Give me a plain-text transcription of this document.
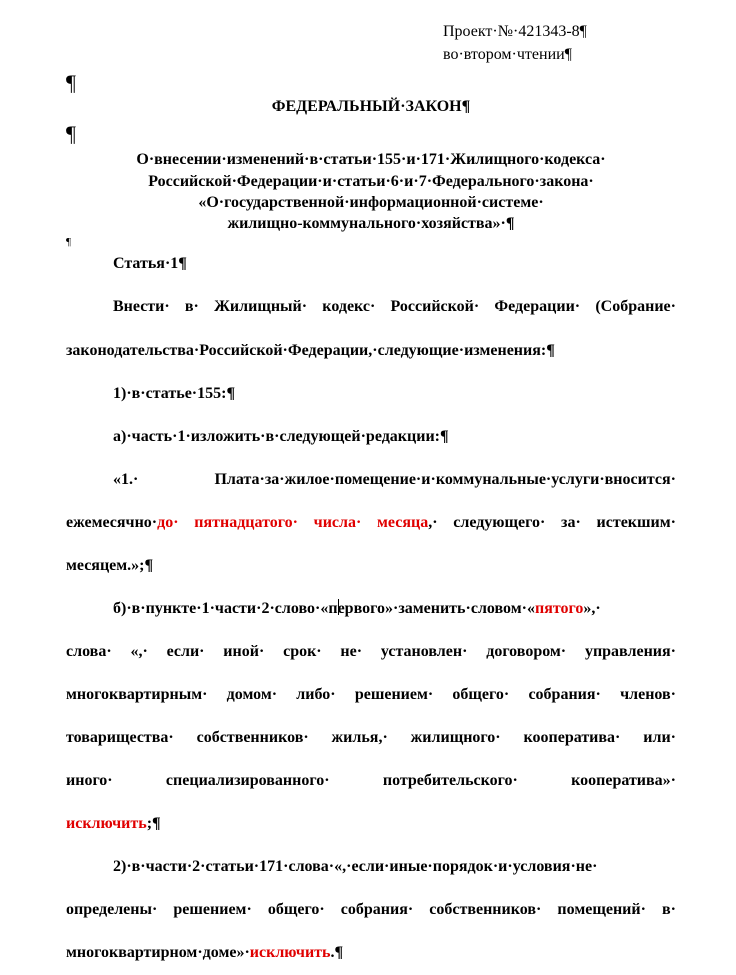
Проект·№·421343-8¶
во·втором·чтении¶
¶
ФЕДЕРАЛЬНЫЙ·ЗАКОН¶
¶
О·внесении·изменений·в·статьи·155·и·171·Жилищного·кодекса·
Российской·Федерации·и·статьи·6·и·7·Федерального·закона·
«О·государственной·информационной·системе·
жилищно-коммунального·хозяйства»·¶
¶
Статья·1¶
Внести· в· Жилищный· кодекс· Российской· Федерации· (Собрание·
законодательства·Российской·Федерации,·следующие·изменения:¶
1)·в·статье·155:¶
а)·часть·1·изложить·в·следующей·редакции:¶
«1.· Плата·за·жилое·помещение·и·коммунальные·услуги·вносится·
ежемесячно·до· пятнадцатого· числа· месяца,· следующего· за· истекшим·
месяцем.»;¶
б)·в·пункте·1·части·2·слово·«первого»·заменить·словом·«пятого»,·
слова· «,· если· иной· срок· не· установлен· договором· управления·
многоквартирным· домом· либо· решением· общего· собрания· членов·
товарищества· собственников· жилья,· жилищного· кооператива· или·
иного· специализированного· потребительского· кооператива»·
исключить;¶
2)·в·части·2·статьи·171·слова·«,·если·иные·порядок·и·условия·не·
определены· решением· общего· собрания· собственников· помещений· в·
многоквартирном·доме»·исключить.¶
